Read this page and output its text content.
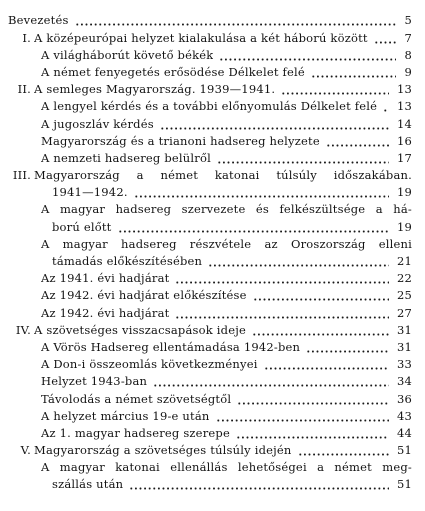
Bevezetés	5
I. A középeurópai helyzet kialakulása a két háború között	7
A világháborút követő békék	8
A német fenyegetés erősödése Délkelet felé	9
II. A semleges Magyarország. 1939—1941.	13
A lengyel kérdés és a további előnyomulás Délkelet felé 13
A jugoszláv kérdés	14
Magyarország és a trianoni hadsereg helyzete	16
A nemzeti hadsereg belülről	17
III. Magyarország a német katonai túlsúly időszakában.
1941—1942.	19
A magyar hadsereg szervezete és felkészültsége a há-
ború előtt	19
A magyar hadsereg részvétele az Oroszország elleni
támadás előkészítésében	21
Az 1941. évi hadjárat	22
Az 1942. évi hadjárat előkészítése	25
Az 1942. évi hadjárat	27
IV. A szövetséges visszacsapások ideje	31
A Vörös Hadsereg ellentámadása 1942-ben	31
A Don-i összeomlás következményei	33
Helyzet 1943-ban	34
Távolodás a német szövetségtől	36
A helyzet március 19-e után	43
Az 1. magyar hadsereg szerepe	44
V. Magyarország a szövetséges túlsúly idején	51
A magyar katonai ellenállás lehetőségei a német meg-
szállás után	51
